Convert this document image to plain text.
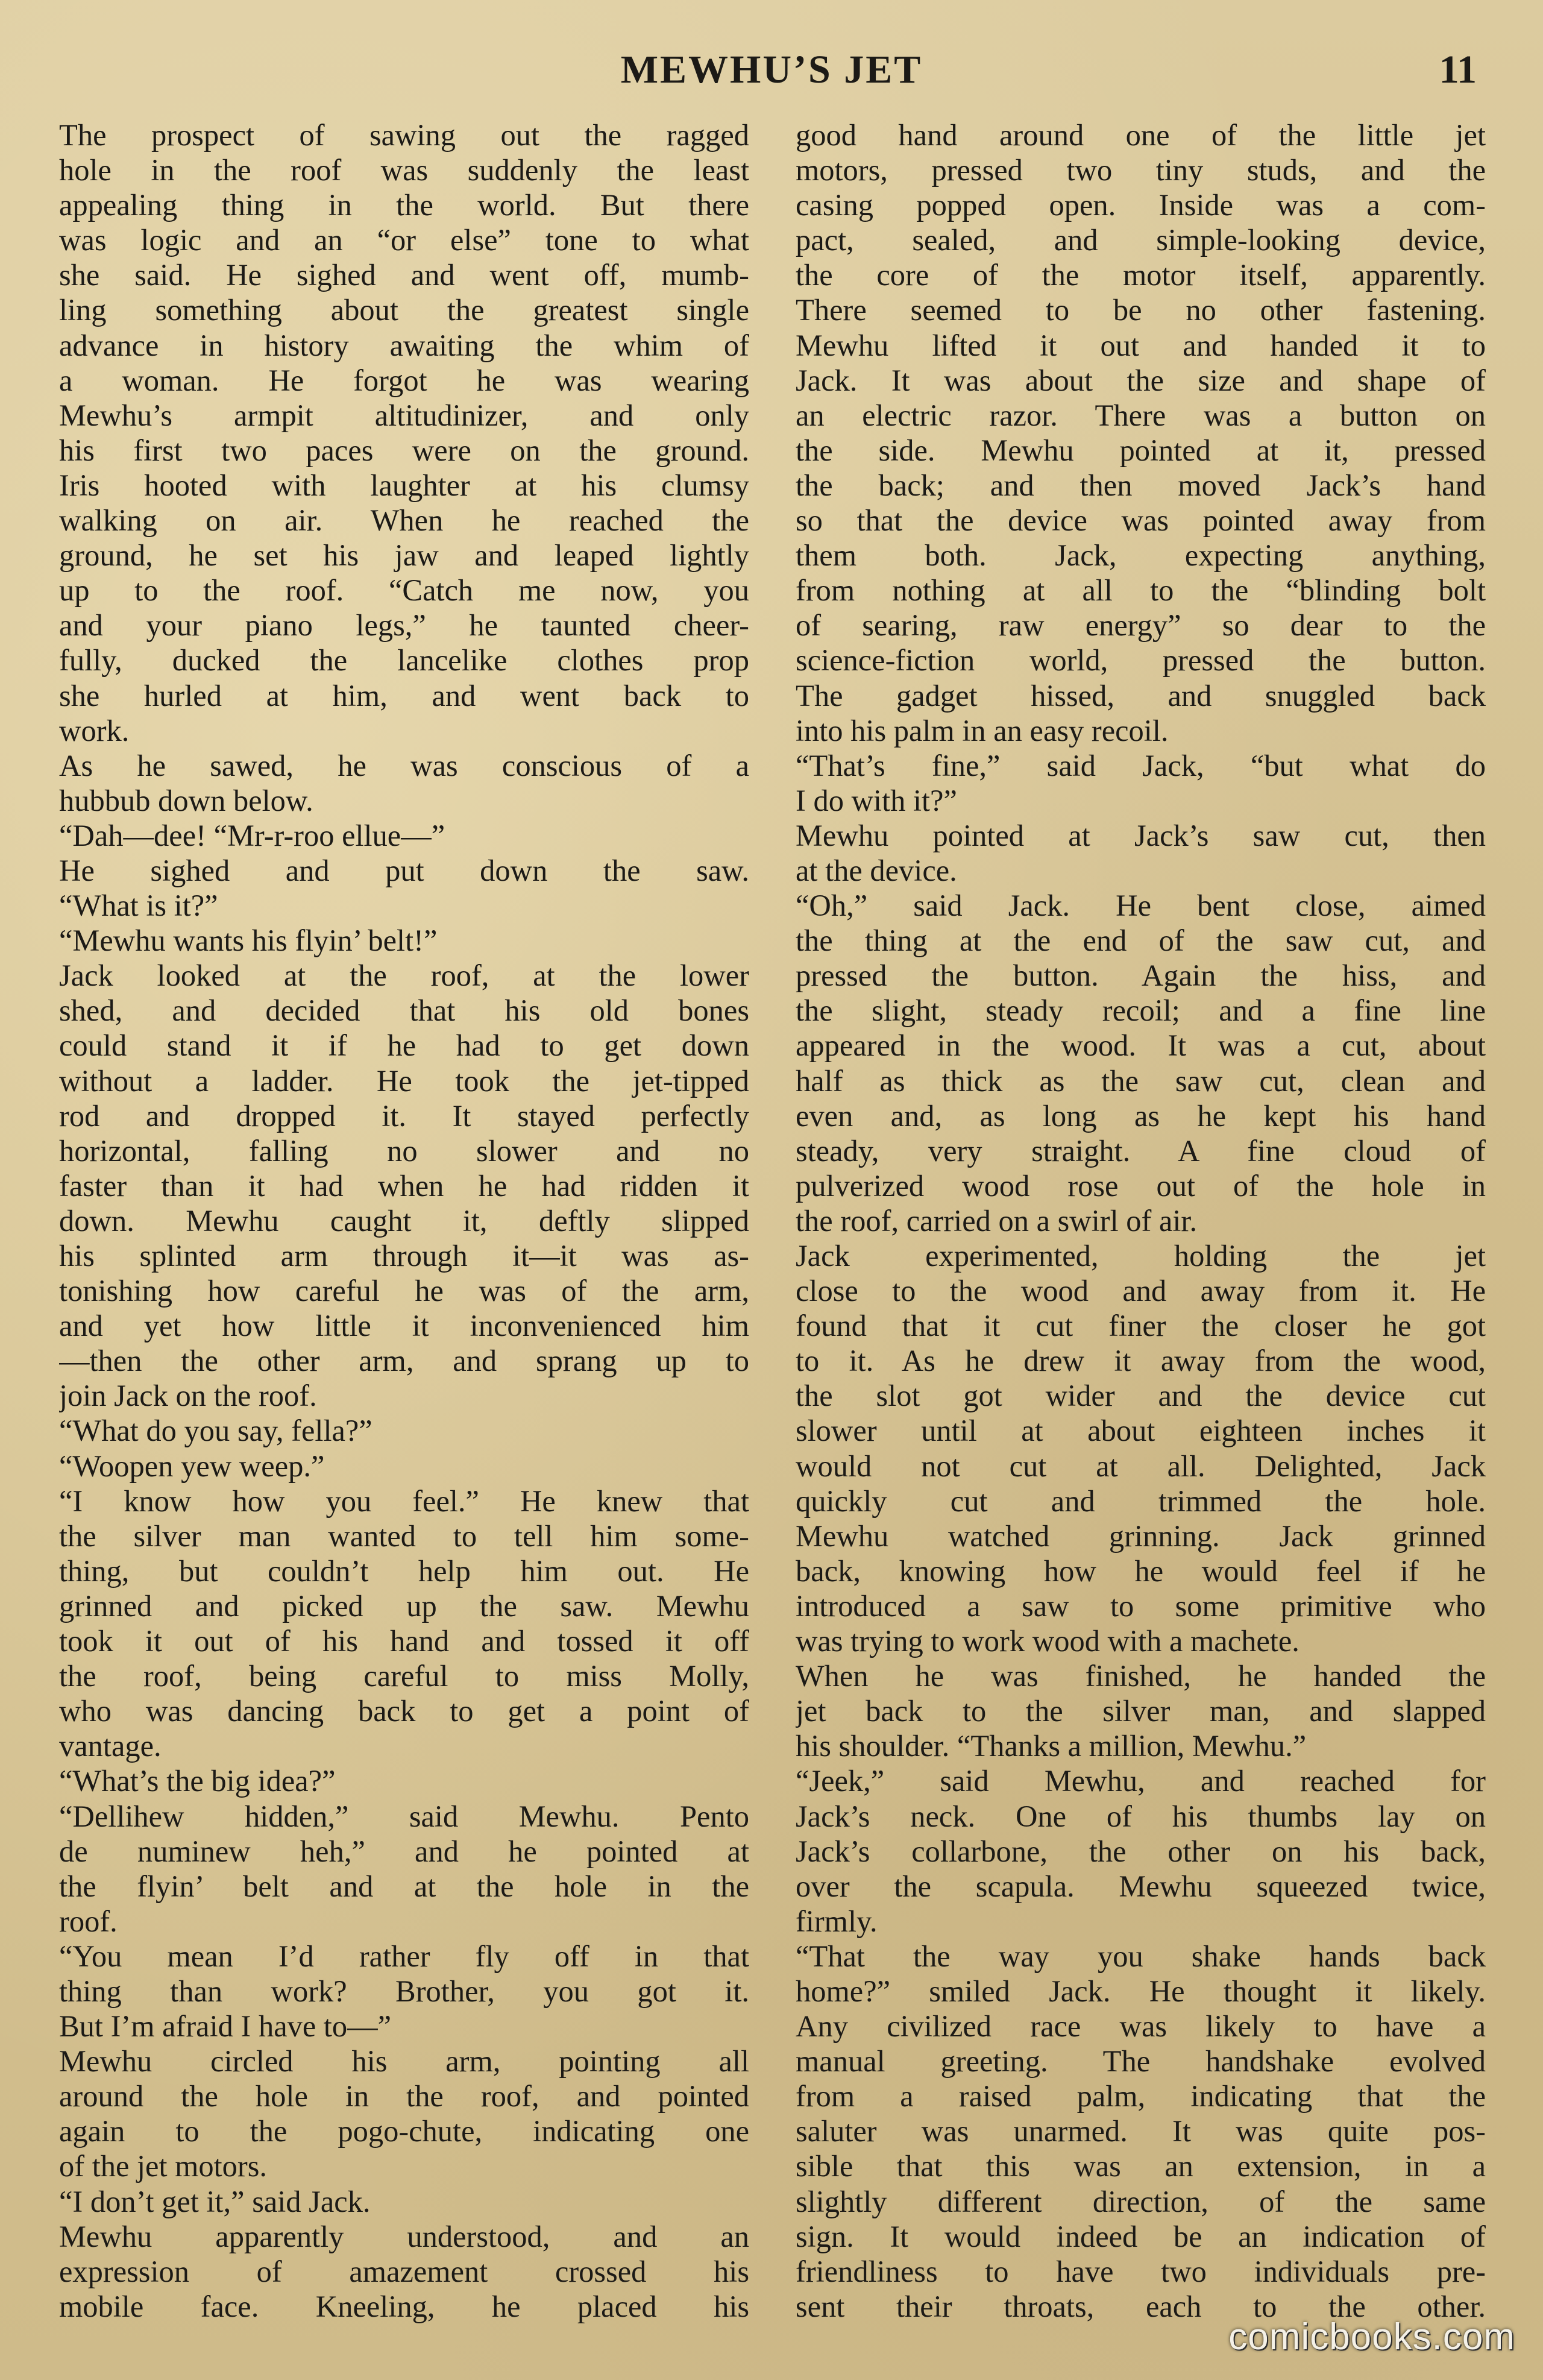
MEWHU’S JET	11
The prospect of sawing out the ragged
hole in the roof was suddenly the least
appealing thing in the world. But there
was logic and an “or else” tone to what
she said. He sighed and went off, mumb-
ling something about the greatest single
advance in history awaiting the whim of
a woman. He forgot he was wearing
Mewhu’s armpit altitudinizer, and only
his first two paces were on the ground.
Iris hooted with laughter at his clumsy
walking on air. When he reached the
ground, he set his jaw and leaped lightly
up to the roof. “Catch me now, you
and your piano legs,” he taunted cheer-
fully, ducked the lancelike clothes prop
she hurled at him, and went back to
work.
As he sawed, he was conscious of a
hubbub down below.
“Dah—dee! “Mr-r-roo ellue—”
He sighed and put down the saw.
“What is it?”
“Mewhu wants his flyin’ belt!”
Jack looked at the roof, at the lower
shed, and decided that his old bones
could stand it if he had to get down
without a ladder. He took the jet-tipped
rod and dropped it. It stayed perfectly
horizontal, falling no slower and no
faster than it had when he had ridden it
down. Mewhu caught it, deftly slipped
his splinted arm through it—it was as-
tonishing how careful he was of the arm,
and yet how little it inconvenienced him
—then the other arm, and sprang up to
join Jack on the roof.
“What do you say, fella?”
“Woopen yew weep.”
“I know how you feel.” He knew that
the silver man wanted to tell him some-
thing, but couldn’t help him out. He
grinned and picked up the saw. Mewhu
took it out of his hand and tossed it off
the roof, being careful to miss Molly,
who was dancing back to get a point of
vantage.
“What’s the big idea?”
“Dellihew hidden,” said Mewhu. Pento
de numinew heh,” and he pointed at
the flyin’ belt and at the hole in the
roof.
“You mean I’d rather fly off in that
thing than work? Brother, you got it.
But I’m afraid I have to—”
Mewhu circled his arm, pointing all
around the hole in the roof, and pointed
again to the pogo-chute, indicating one
of the jet motors.
“I don’t get it,” said Jack.
Mewhu apparently understood, and an
expression of amazement crossed his
mobile face. Kneeling, he placed his
good hand around one of the little jet
motors, pressed two tiny studs, and the
casing popped open. Inside was a com-
pact, sealed, and simple-looking device,
the core of the motor itself, apparently.
There seemed to be no other fastening.
Mewhu lifted it out and handed it to
Jack. It was about the size and shape of
an electric razor. There was a button on
the side. Mewhu pointed at it, pressed
the back; and then moved Jack’s hand
so that the device was pointed away from
them both. Jack, expecting anything,
from nothing at all to the “blinding bolt
of searing, raw energy” so dear to the
science-fiction world, pressed the button.
The gadget hissed, and snuggled back
into his palm in an easy recoil.
“That’s fine,” said Jack, “but what do
I do with it?”
Mewhu pointed at Jack’s saw cut, then
at the device.
“Oh,” said Jack. He bent close, aimed
the thing at the end of the saw cut, and
pressed the button. Again the hiss, and
the slight, steady recoil; and a fine line
appeared in the wood. It was a cut, about
half as thick as the saw cut, clean and
even and, as long as he kept his hand
steady, very straight. A fine cloud of
pulverized wood rose out of the hole in
the roof, carried on a swirl of air.
Jack experimented, holding the jet
close to the wood and away from it. He
found that it cut finer the closer he got
to it. As he drew it away from the wood,
the slot got wider and the device cut
slower until at about eighteen inches it
would not cut at all. Delighted, Jack
quickly cut and trimmed the hole.
Mewhu watched grinning. Jack grinned
back, knowing how he would feel if he
introduced a saw to some primitive who
was trying to work wood with a machete.
When he was finished, he handed the
jet back to the silver man, and slapped
his shoulder. “Thanks a million, Mewhu.”
“Jeek,” said Mewhu, and reached for
Jack’s neck. One of his thumbs lay on
Jack’s collarbone, the other on his back,
over the scapula. Mewhu squeezed twice,
firmly.
“That the way you shake hands back
home?” smiled Jack. He thought it likely.
Any civilized race was likely to have a
manual greeting. The handshake evolved
from a raised palm, indicating that the
saluter was unarmed. It was quite pos-
sible that this was an extension, in a
slightly different direction, of the same
sign. It would indeed be an indication of
friendliness to have two individuals pre-
sent their throats, each to the other.
comicbooks.com
